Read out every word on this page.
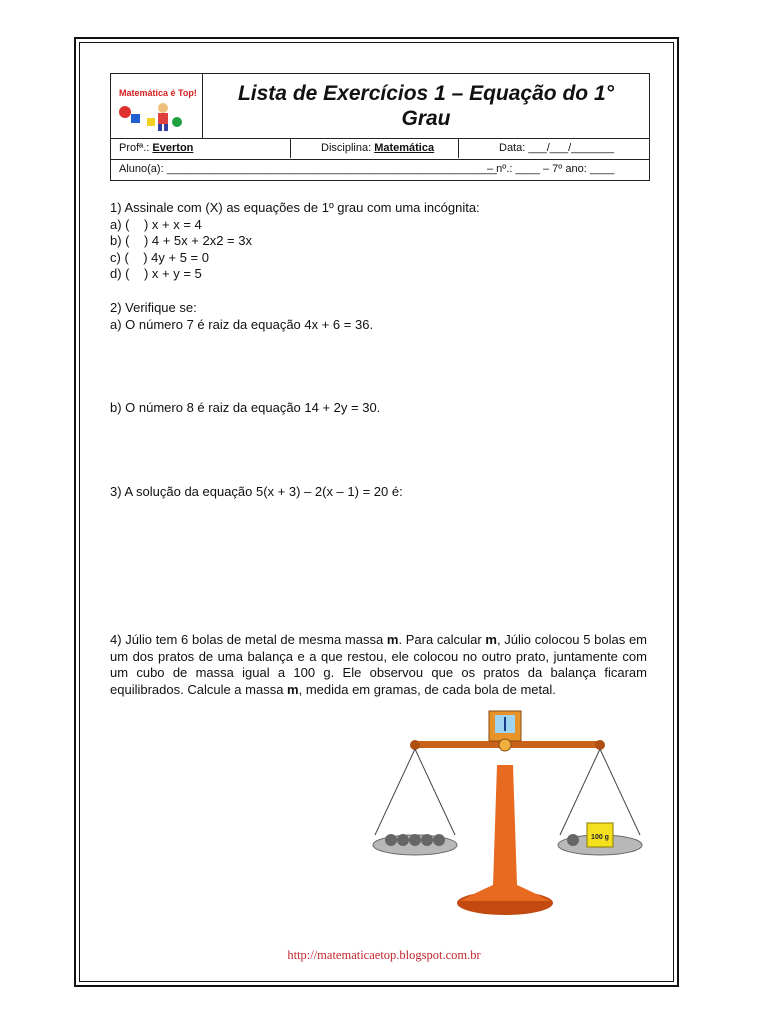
Matemática é Top! Lista de Exercícios 1 – Equação do 1°
Grau
Profª.: Everton	Disciplina: Matemática	Data: ___/___/_______
Aluno(a): ______________________________________________________
– nº.: ____ – 7º ano: ____

1) Assinale com (X) as equações de 1º grau com uma incógnita:

a) (    ) x + x = 4

b) (    ) 4 + 5x + 2x2 = 3x

c) (    ) 4y + 5 = 0

d) (    ) x + y = 5

2) Verifique se:

a) O número 7 é raiz da equação 4x + 6 = 36.

b) O número 8 é raiz da equação 14 + 2y = 30.

3) A solução da equação 5(x + 3) – 2(x – 1) = 20 é:

4) Júlio tem 6 bolas de metal de mesma massa m. Para calcular m, Júlio colocou 5 bolas em um dos pratos de uma balança e a que restou, ele colocou no outro prato, juntamente com um cubo de massa igual a 100 g. Ele observou que os pratos da balança ficaram equilibrados. Calcule a massa m, medida em gramas, de cada bola de metal.

100 g
http://matematicaetop.blogspot.com.br
